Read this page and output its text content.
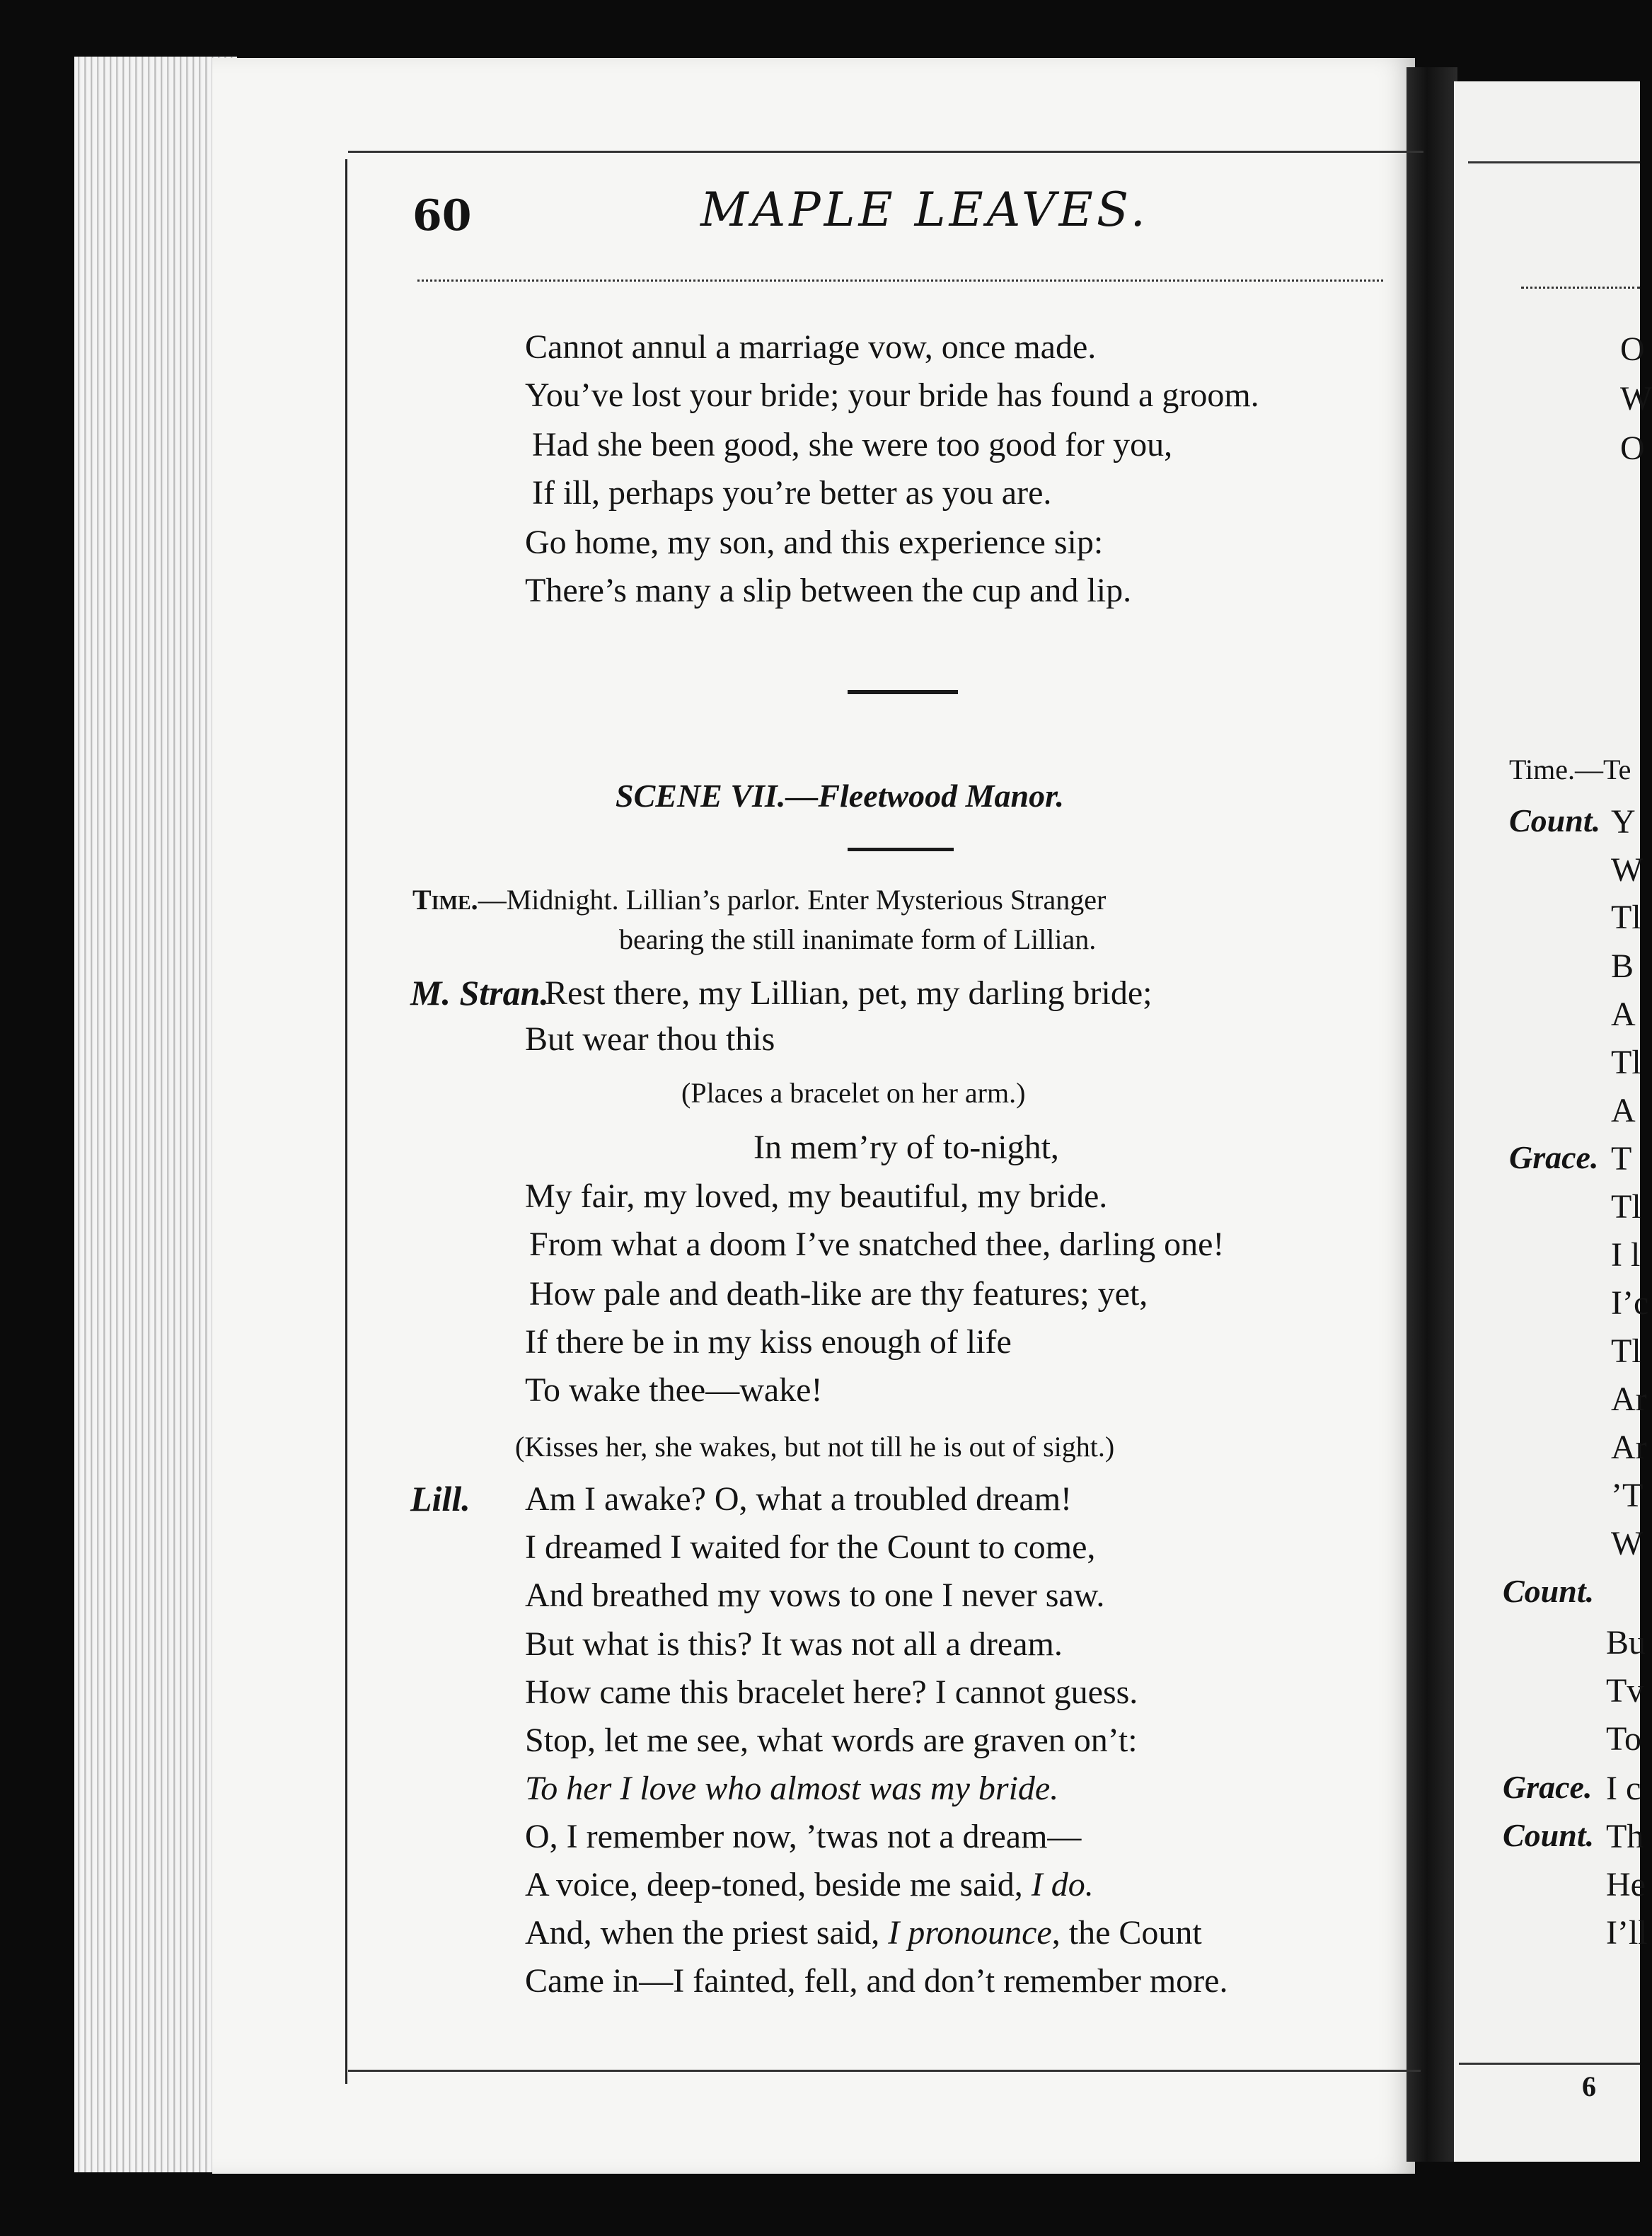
60	MAPLE LEAVES.
Cannot annul a marriage vow, once made.
You’ve lost your bride; your bride has found a groom.
Had she been good, she were too good for you,
If ill, perhaps you’re better as you are.
Go home, my son, and this experience sip:
There’s many a slip between the cup and lip.
SCENE VII.—Fleetwood Manor.
Time.—Midnight. Lillian’s parlor. Enter Mysterious Stranger
bearing the still inanimate form of Lillian.
M. Stran.
Rest there, my Lillian, pet, my darling bride;
But wear thou this
(Places a bracelet on her arm.)
In mem’ry of to-night,
My fair, my loved, my beautiful, my bride.
From what a doom I’ve snatched thee, darling one!
How pale and death-like are thy features; yet,
If there be in my kiss enough of life
To wake thee—wake!
(Kisses her, she wakes, but not till he is out of sight.)
Lill. Am I awake? O, what a troubled dream!
I dreamed I waited for the Count to come,
And breathed my vows to one I never saw.
But what is this? It was not all a dream.
How came this bracelet here? I cannot guess.
Stop, let me see, what words are graven on’t:
To her I love who almost was my bride.
O, I remember now, ’twas not a dream—
A voice, deep-toned, beside me said, I do.
And, when the priest said, I pronounce, the Count
Came in—I fainted, fell, and don’t remember more.
O
W
O
Time.—Te
Count. Y
W
Tl
B
A
Tl
A
Grace. T
Tl
I l
I’c
Tl
Ar
Ar
’T
W
Count.
Bu
Tv
To
Grace. I c
Count. Th
He
I’ll
6
